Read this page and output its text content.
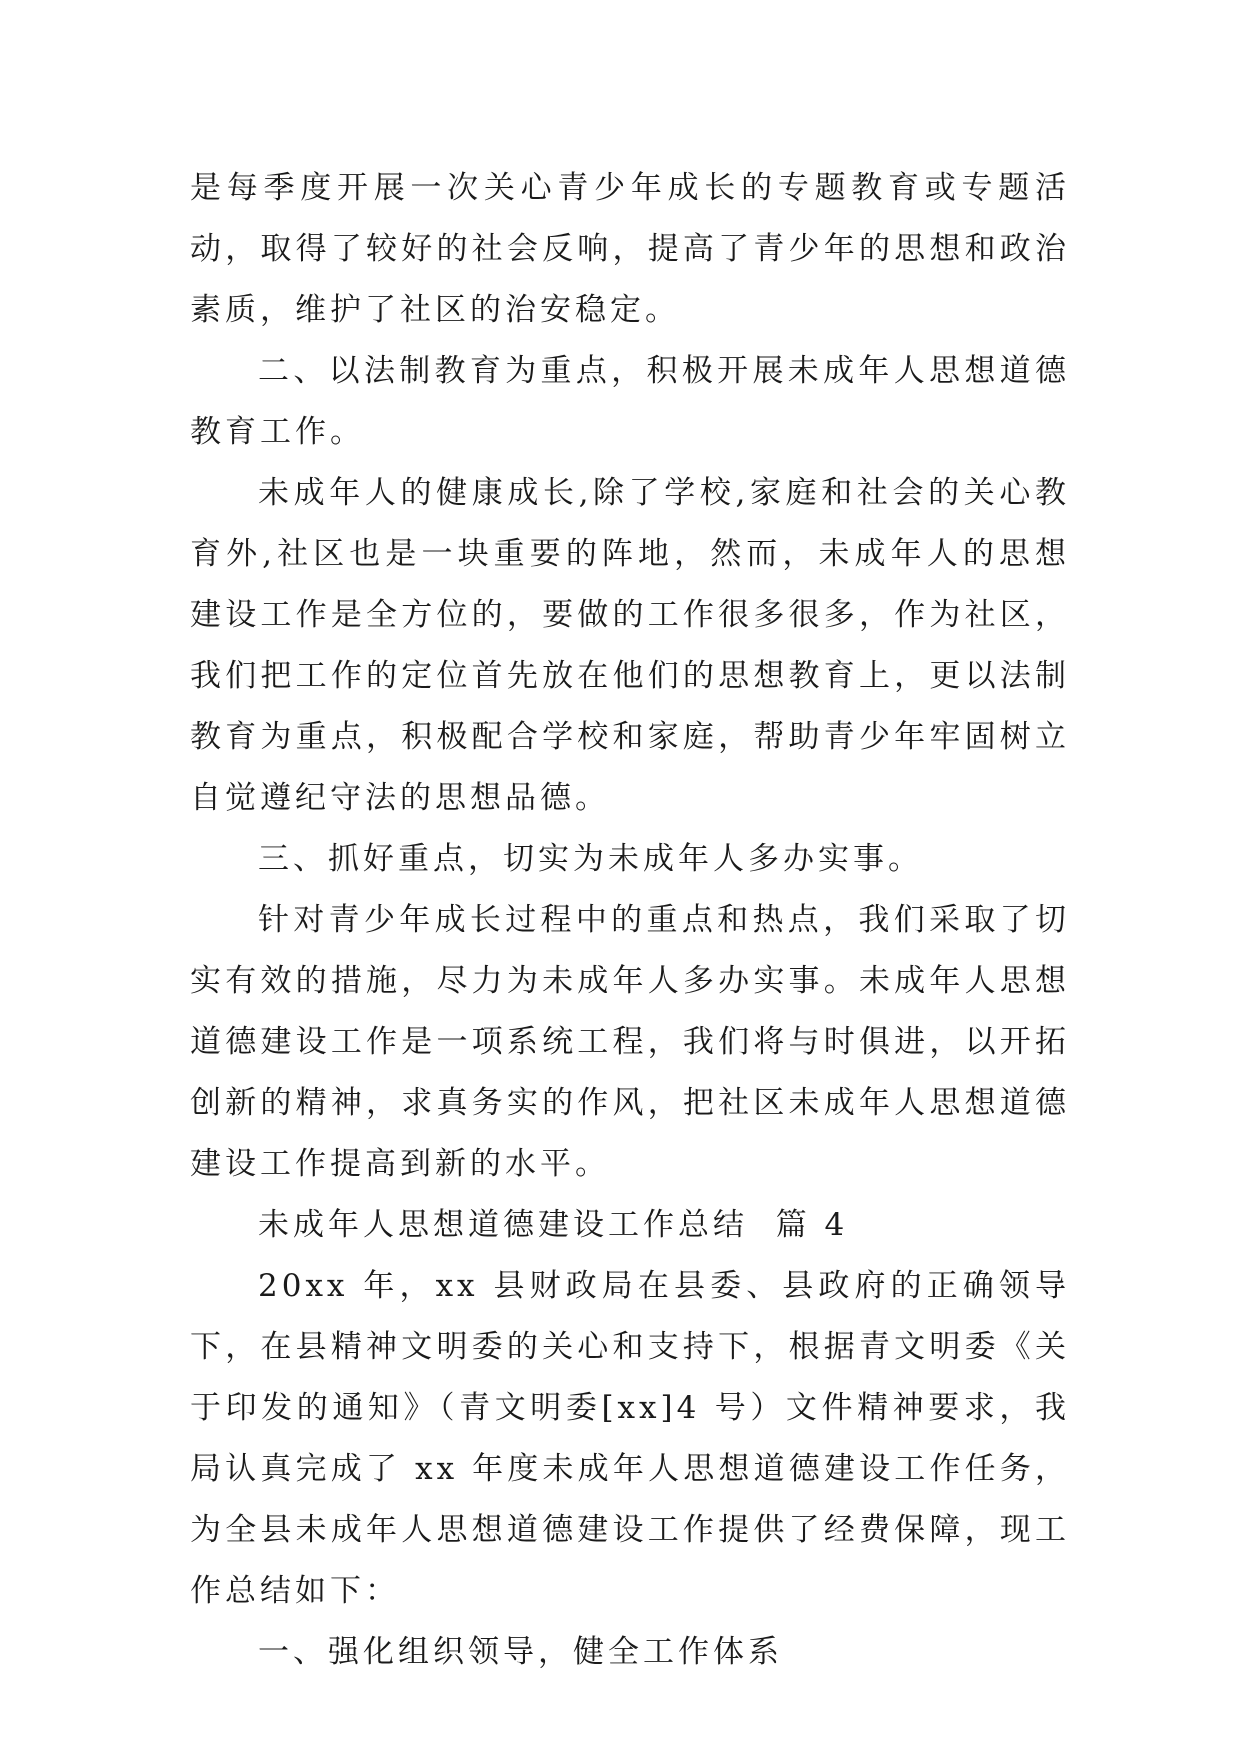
是每季度开展一次关心青少年成长的专题教育或专题活动，取得了较好的社会反响，提高了青少年的思想和政治素质，维护了社区的治安稳定。

二、以法制教育为重点，积极开展未成年人思想道德教育工作。

未成年人的健康成长,除了学校,家庭和社会的关心教育外,社区也是一块重要的阵地，然而，未成年人的思想建设工作是全方位的，要做的工作很多很多，作为社区，我们把工作的定位首先放在他们的思想教育上，更以法制教育为重点，积极配合学校和家庭，帮助青少年牢固树立自觉遵纪守法的思想品德。

三、抓好重点，切实为未成年人多办实事。

针对青少年成长过程中的重点和热点，我们采取了切实有效的措施，尽力为未成年人多办实事。未成年人思想道德建设工作是一项系统工程，我们将与时俱进，以开拓创新的精神，求真务实的作风，把社区未成年人思想道德建设工作提高到新的水平。

未成年人思想道德建设工作总结  篇 4

20xx 年，xx 县财政局在县委、县政府的正确领导下，在县精神文明委的关心和支持下，根据青文明委《关于印发的通知》（青文明委[xx]4 号）文件精神要求，我局认真完成了 xx 年度未成年人思想道德建设工作任务，为全县未成年人思想道德建设工作提供了经费保障，现工作总结如下：

一、强化组织领导，健全工作体系
